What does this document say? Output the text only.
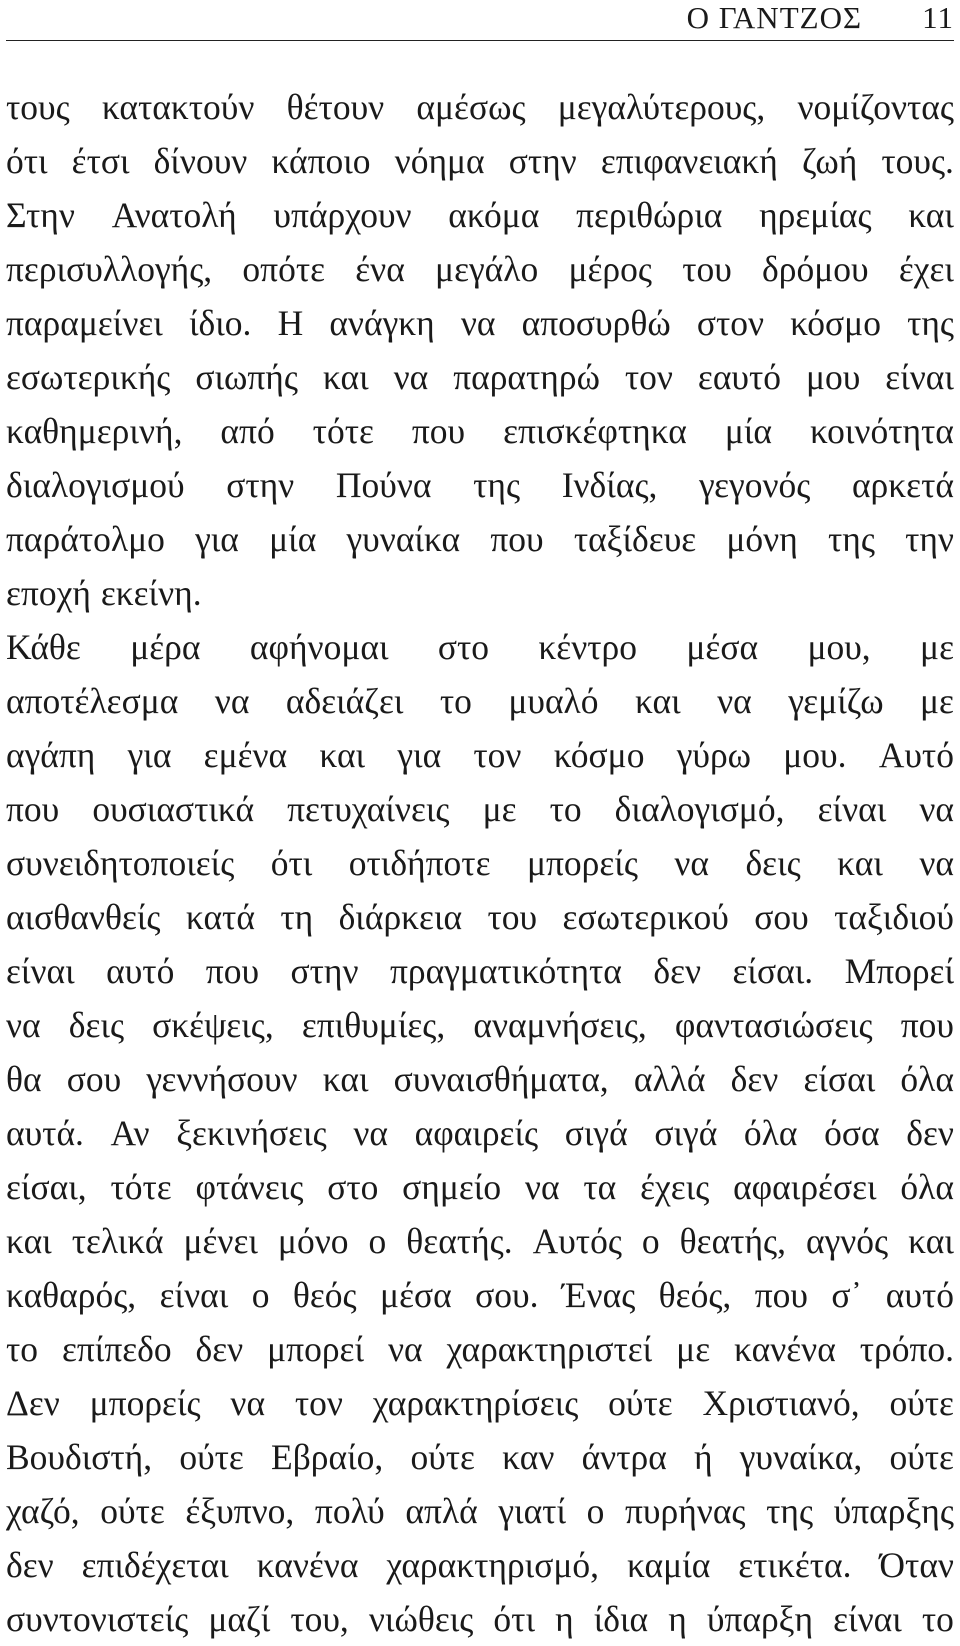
Ο ΓΑΝΤΖΟΣ 11
τους κατακτούν θέτουν αμέσως μεγαλύτερους, νομίζοντας
ότι έτσι δίνουν κάποιο νόημα στην επιφανειακή ζωή τους.
Στην Ανατολή υπάρχουν ακόμα περιθώρια ηρεμίας και
περισυλλογής, οπότε ένα μεγάλο μέρος του δρόμου έχει
παραμείνει ίδιο. Η ανάγκη να αποσυρθώ στον κόσμο της
εσωτερικής σιωπής και να παρατηρώ τον εαυτό μου είναι
καθημερινή, από τότε που επισκέφτηκα μία κοινότητα
διαλογισμού στην Πούνα της Ινδίας, γεγονός αρκετά
παράτολμο για μία γυναίκα που ταξίδευε μόνη της την
εποχή εκείνη.
Κάθε μέρα αφήνομαι στο κέντρο μέσα μου, με
αποτέλεσμα να αδειάζει το μυαλό και να γεμίζω με
αγάπη για εμένα και για τον κόσμο γύρω μου. Αυτό
που ουσιαστικά πετυχαίνεις με το διαλογισμό, είναι να
συνειδητοποιείς ότι οτιδήποτε μπορείς να δεις και να
αισθανθείς κατά τη διάρκεια του εσωτερικού σου ταξιδιού
είναι αυτό που στην πραγματικότητα δεν είσαι. Μπορεί
να δεις σκέψεις, επιθυμίες, αναμνήσεις, φαντασιώσεις που
θα σου γεννήσουν και συναισθήματα, αλλά δεν είσαι όλα
αυτά. Αν ξεκινήσεις να αφαιρείς σιγά σιγά όλα όσα δεν
είσαι, τότε φτάνεις στο σημείο να τα έχεις αφαιρέσει όλα
και τελικά μένει μόνο ο θεατής. Αυτός ο θεατής, αγνός και
καθαρός, είναι ο θεός μέσα σου. Ένας θεός, που σ᾽ αυτό
το επίπεδο δεν μπορεί να χαρακτηριστεί με κανένα τρόπο.
Δεν μπορείς να τον χαρακτηρίσεις ούτε Χριστιανό, ούτε
Βουδιστή, ούτε Εβραίο, ούτε καν άντρα ή γυναίκα, ούτε
χαζό, ούτε έξυπνο, πολύ απλά γιατί ο πυρήνας της ύπαρξης
δεν επιδέχεται κανένα χαρακτηρισμό, καμία ετικέτα. Όταν
συντονιστείς μαζί του, νιώθεις ότι η ίδια η ύπαρξη είναι το
